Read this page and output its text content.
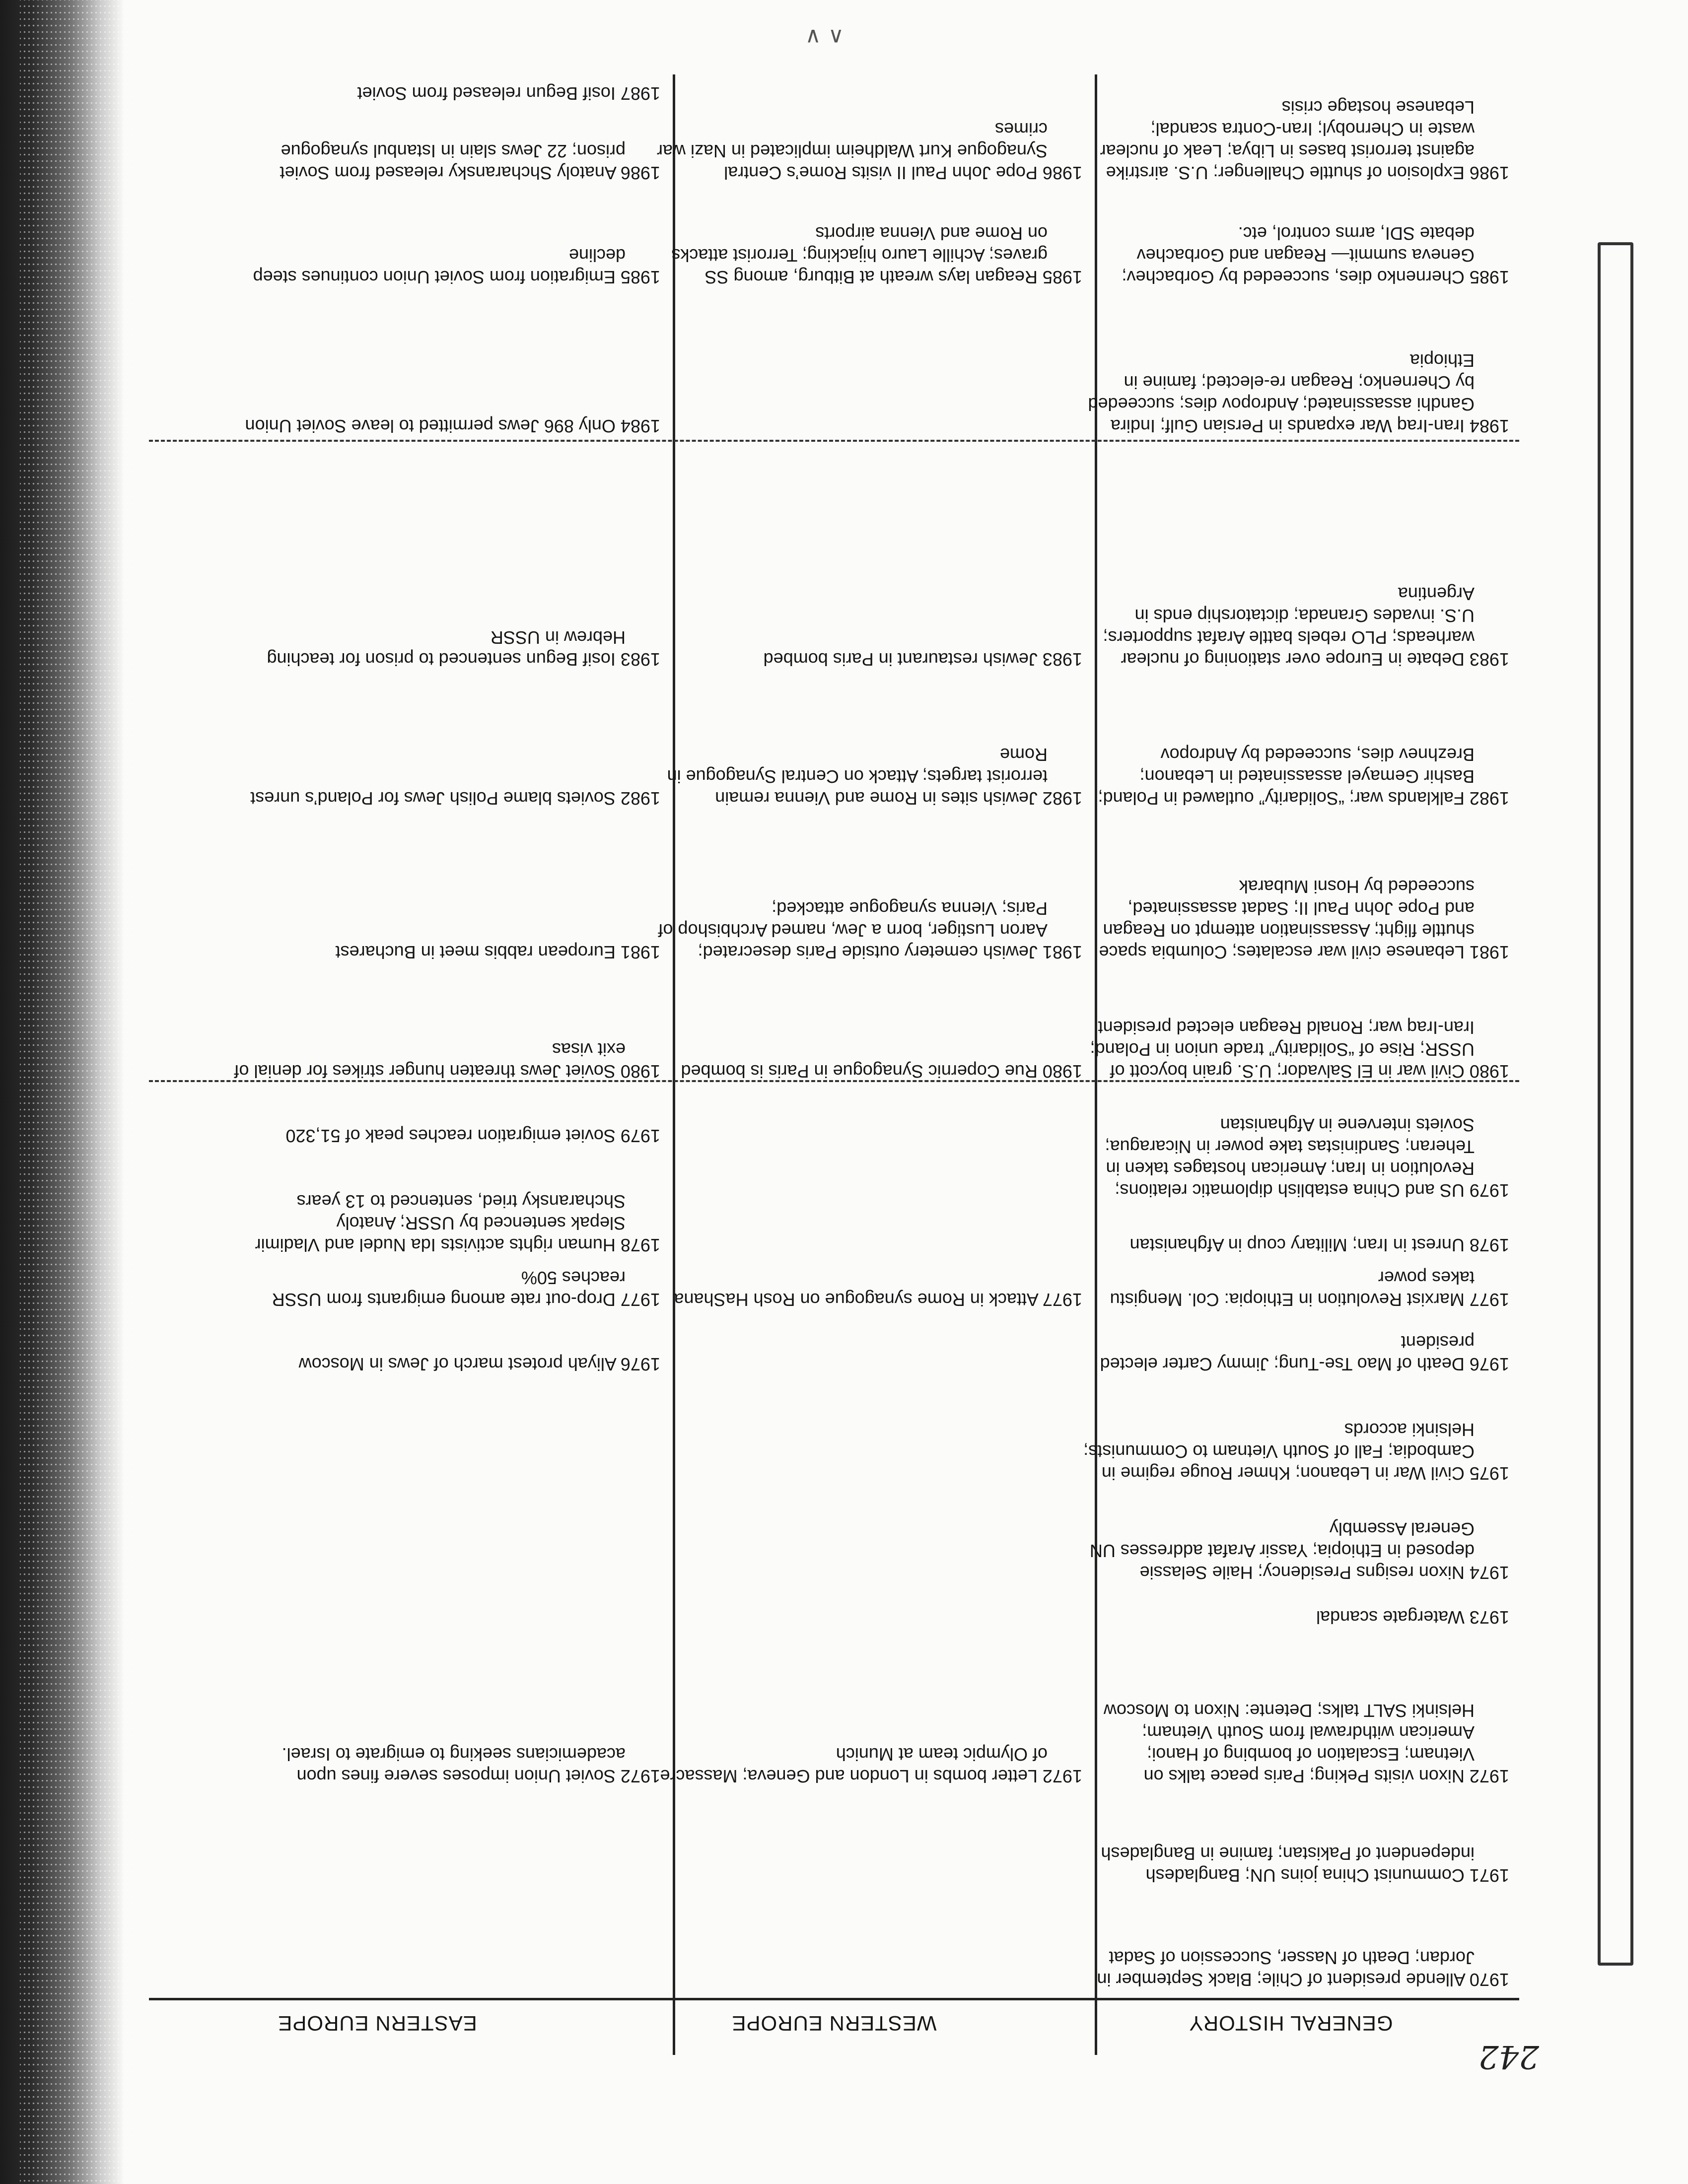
242
GENERAL HISTORY
WESTERN EUROPE
EASTERN EUROPE
1970 Allende president of Chile; Black September in Jordan; Death of Nasser, Succession of Sadat
1971 Communist China joins UN; Bangladesh independent of Pakistan; famine in Bangladesh
1972 Nixon visits Peking; Paris peace talks on Vietnam; Escalation of bombing of Hanoi; American withdrawal from South Vietnam; Helsinki SALT talks; Detente: Nixon to Moscow
1973 Watergate scandal
1974 Nixon resigns Presidency; Haile Selassie deposed in Ethiopia; Yassir Arafat addresses UN General Assembly
1975 Civil War in Lebanon; Khmer Rouge regime in Cambodia; Fall of South Vietnam to Communists; Helsinki accords
1976 Death of Mao Tse-Tung; Jimmy Carter elected president
1977 Marxist Revolution in Ethiopia: Col. Mengistu takes power
1978 Unrest in Iran; Military coup in Afghanistan
1979 US and China establish diplomatic relations; Revolution in Iran; American hostages taken in Teheran; Sandinistas take power in Nicaragua; Soviets intervene in Afghanistan
1980 Civil war in El Salvador; U.S. grain boycott of USSR; Rise of “Solidarity” trade union in Poland; Iran-Iraq war; Ronald Reagan elected president
1981 Lebanese civil war escalates; Columbia space shuttle flight; Assassination attempt on Reagan and Pope John Paul II; Sadat assassinated, succeeded by Hosni Mubarak
1982 Falklands war; “Solidarity” outlawed in Poland; Bashir Gemayel assassinated in Lebanon; Brezhnev dies, succeeded by Andropov
1983 Debate in Europe over stationing of nuclear warheads; PLO rebels battle Arafat supporters; U.S. invades Granada; dictatorship ends in Argentina
1984 Iran-Iraq War expands in Persian Gulf; Indira Gandhi assassinated; Andropov dies; succeeded by Chernenko; Reagan re-elected; famine in Ethiopia
1985 Chernenko dies, succeeded by Gorbachev; Geneva summit— Reagan and Gorbachev debate SDI, arms control, etc.
1986 Explosion of shuttle Challenger; U.S. airstrike against terrorist bases in Libya; Leak of nuclear waste in Chernobyl; Iran-Contra scandal; Lebanese hostage crisis
1972 Letter bombs in London and Geneva; Massacre of Olympic team at Munich
1977 Attack in Rome synagogue on Rosh HaShana
1980 Rue Copernic Synagogue in Paris is bombed
1981 Jewish cemetery outside Paris desecrated; Aaron Lustiger, born a Jew, named Archbishop of Paris; Vienna synagogue attacked;
1982 Jewish sites in Rome and Vienna remain terrorist targets; Attack on Central Synagogue in Rome
1983 Jewish restaurant in Paris bombed
1985 Reagan lays wreath at Bitburg, among SS graves; Achille Lauro hijacking; Terrorist attacks on Rome and Vienna airports
1986 Pope John Paul II visits Rome’s Central Synagogue Kurt Waldheim implicated in Nazi war crimes
1972 Soviet Union imposes severe fines upon academicians seeking to emigrate to Israel.
1976 Aliyah protest march of Jews in Moscow
1977 Drop-out rate among emigrants from USSR reaches 50%
1978 Human rights activists Ida Nudel and Vladimir Slepak sentenced by USSR; Anatoly Shcharansky tried, sentenced to 13 years
1979 Soviet emigration reaches peak of 51,320
1980 Soviet Jews threaten hunger strikes for denial of exit visas
1981 European rabbis meet in Bucharest
1982 Soviets blame Polish Jews for Poland’s unrest
1983 Iosif Begun sentenced to prison for teaching Hebrew in USSR
1984 Only 896 Jews permitted to leave Soviet Union
1985 Emigration from Soviet Union continues steep decline
1986 Anatoly Shcharansky released from Soviet prison; 22 Jews slain in Istanbul synagogue
1987 Iosif Begun released from Soviet
∧ ∨
